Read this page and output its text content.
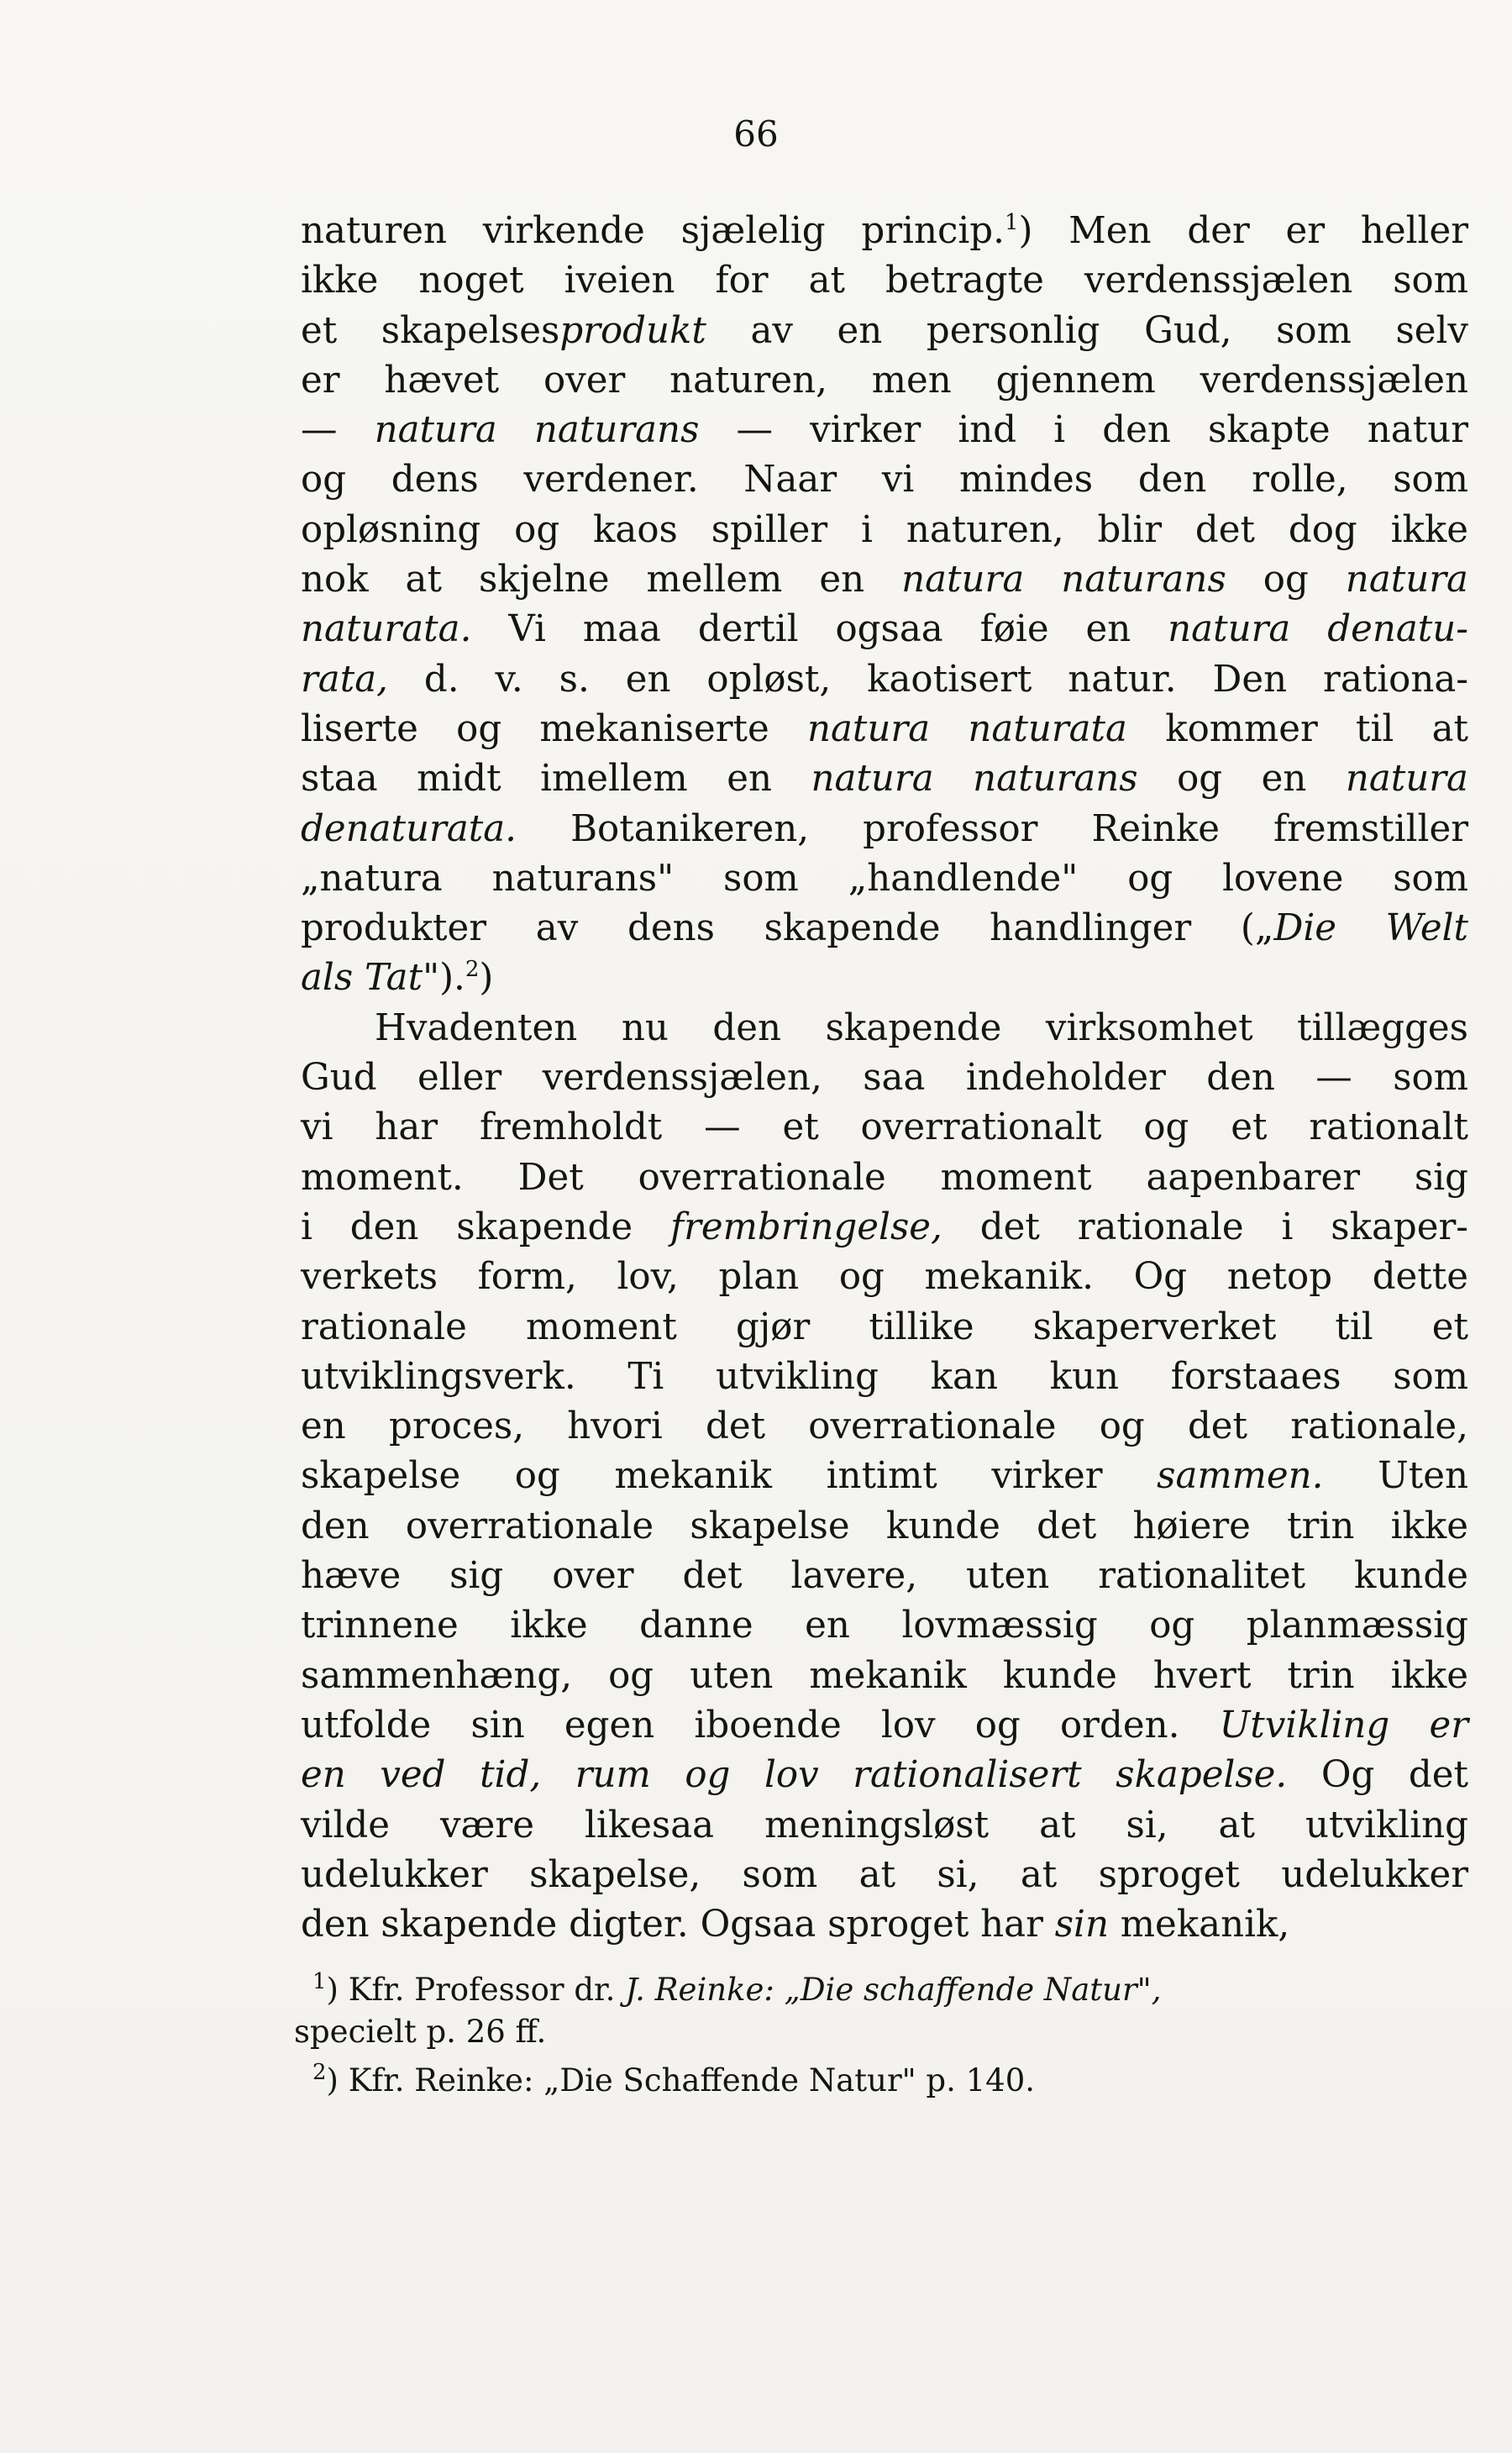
66
naturen virkende sjælelig princip.$^1$) Men der er heller
ikke noget iveien for at betragte verdenssjælen som
et skapelsesprodukt av en personlig Gud, som selv
er hævet over naturen, men gjennem verdenssjælen
— natura naturans — virker ind i den skapte natur
og dens verdener. Naar vi mindes den rolle, som
opløsning og kaos spiller i naturen, blir det dog ikke
nok at skjelne mellem en natura naturans og natura
naturata. Vi maa dertil ogsaa føie en natura denatu-
rata, d. v. s. en opløst, kaotisert natur. Den rationa-
liserte og mekaniserte natura naturata kommer til at
staa midt imellem en natura naturans og en natura
denaturata. Botanikeren, professor Reinke fremstiller
„natura naturans" som „handlende" og lovene som
produkter av dens skapende handlinger („Die Welt
als Tat").$^2$)
Hvadenten nu den skapende virksomhet tillægges
Gud eller verdenssjælen, saa indeholder den — som
vi har fremholdt — et overrationalt og et rationalt
moment. Det overrationale moment aapenbarer sig
i den skapende frembringelse, det rationale i skaper-
verkets form, lov, plan og mekanik. Og netop dette
rationale moment gjør tillike skaperverket til et
utviklingsverk. Ti utvikling kan kun forstaaes som
en proces, hvori det overrationale og det rationale,
skapelse og mekanik intimt virker sammen. Uten
den overrationale skapelse kunde det høiere trin ikke
hæve sig over det lavere, uten rationalitet kunde
trinnene ikke danne en lovmæssig og planmæssig
sammenhæng, og uten mekanik kunde hvert trin ikke
utfolde sin egen iboende lov og orden. Utvikling er
en ved tid, rum og lov rationalisert skapelse. Og det
vilde være likesaa meningsløst at si, at utvikling
udelukker skapelse, som at si, at sproget udelukker
den skapende digter. Ogsaa sproget har sin mekanik,
$^1$) Kfr. Professor dr. J. Reinke: „Die schaffende Natur",
specielt p. 26 ff.
$^2$) Kfr. Reinke: „Die Schaffende Natur" p. 140.
